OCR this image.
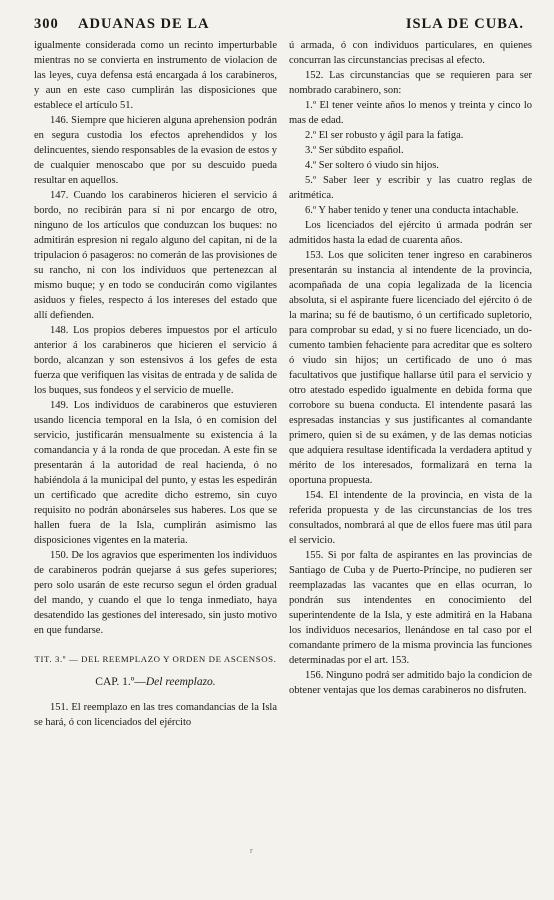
300 ADUANAS DE LA	ISLA DE CUBA.

igualmente considerada como un recinto imperturbable mientras no se convierta en instrumento de violacion de las leyes, cuya defensa está encargada á los carabineros, y aun en este caso cumplirán las disposiciones que establece el artículo 51.

146. Siempre que hicieren alguna aprehension podrán en segura custodia los efectos aprehendidos y los delincuentes, siendo responsables de la evasion de estos y de cualquier menoscabo que por su descuido pueda resultar en aquellos.

147. Cuando los carabineros hicieren el servicio á bordo, no recibirán para sí ni por encargo de otro, ninguno de los artículos que conduzcan los buques: no admitirán espresion ni regalo alguno del capitan, ni de la tripulacion ó pasageros: no comerán de las provisiones de su rancho, ni con los individuos que pertenezcan al mismo buque; y en todo se conducirán como vigilantes asiduos y fieles, respecto á los intereses del estado que allí defienden.

148. Los propios deberes impuestos por el artículo anterior á los carabineros que hicieren el servicio á bordo, alcanzan y son estensivos á los gefes de esta fuerza que verifiquen las visitas de entrada y de salida de los buques, sus fondeos y el servicio de muelle.

149. Los individuos de carabineros que estuvieren usando licencia temporal en la Isla, ó en comision del servicio, justificarán mensualmente su existencia á la comandancia y á la ronda de que procedan. A este fin se presentarán á la autoridad de real hacienda, ó no habiéndola á la municipal del punto, y estas les espedirán un certificado que acredite dicho estremo, sin cuyo requisito no podrán abonárseles sus haberes. Los que se hallen fuera de la Isla, cumplirán asimismo las disposiciones vigentes en la materia.

150. De los agravios que esperimenten los individuos de carabineros podrán quejarse á sus gefes superiores; pero solo usarán de este recurso segun el órden gradual del mando, y cuando el que lo tenga inmediato, haya desatendido las gestiones del interesado, sin justo motivo en que fundarse.

TIT. 3.º — DEL REEMPLAZO Y ORDEN DE ASCENSOS.
CAP. 1.º—Del reemplazo.

151. El reemplazo en las tres comandancias de la Isla se hará, ó con licenciados del ejército

ú armada, ó con individuos particulares, en quienes concurran las circunstancias precisas al efecto.

152. Las circunstancias que se requieren para ser nombrado carabinero, son:

1.º El tener veinte años lo menos y treinta y cinco lo mas de edad.

2.º El ser robusto y ágil para la fatiga.

3.º Ser súbdito español.

4.º Ser soltero ó viudo sin hijos.

5.º Saber leer y escribir y las cuatro reglas de aritmética.

6.º Y haber tenido y tener una conducta intachable.

Los licenciados del ejército ú armada podrán ser admitidos hasta la edad de cuarenta años.

153. Los que soliciten tener ingreso en carabineros presentarán su instancia al intendente de la provincia, acompañada de una copia legalizada de la licencia absoluta, si el aspirante fuere licenciado del ejército ó de la marina; su fé de bautismo, ó un certificado supletorio, para comprobar su edad, y si no fuere licenciado, un documento tambien fehaciente para acreditar que es soltero ó viudo sin hijos; un certificado de uno ó mas facultativos que justifique hallarse útil para el servicio y otro atestado espedido igualmente en debida forma que corrobore su buena conducta. El intendente pasará las espresadas instancias y sus justificantes al comandante primero, quien si de su exámen, y de las demas noticias que adquiera resultase identificada la verdadera aptitud y mérito de los interesados, formalizará en terna la oportuna propuesta.

154. El intendente de la provincia, en vista de la referida propuesta y de las circunstancias de los tres consultados, nombrará al que de ellos fuere mas útil para el servicio.

155. Si por falta de aspirantes en las provincias de Santiago de Cuba y de Puerto-Príncipe, no pudieren ser reemplazadas las vacantes que en ellas ocurran, lo pondrán sus intendentes en conocimiento del superintendente de la Isla, y este admitirá en la Habana los individuos necesarios, llenándose en tal caso por el comandante primero de la misma provincia las funciones determinadas por el art. 153.

156. Ninguno podrá ser admitido bajo la condicion de obtener ventajas que los demas carabineros no disfruten.

r
